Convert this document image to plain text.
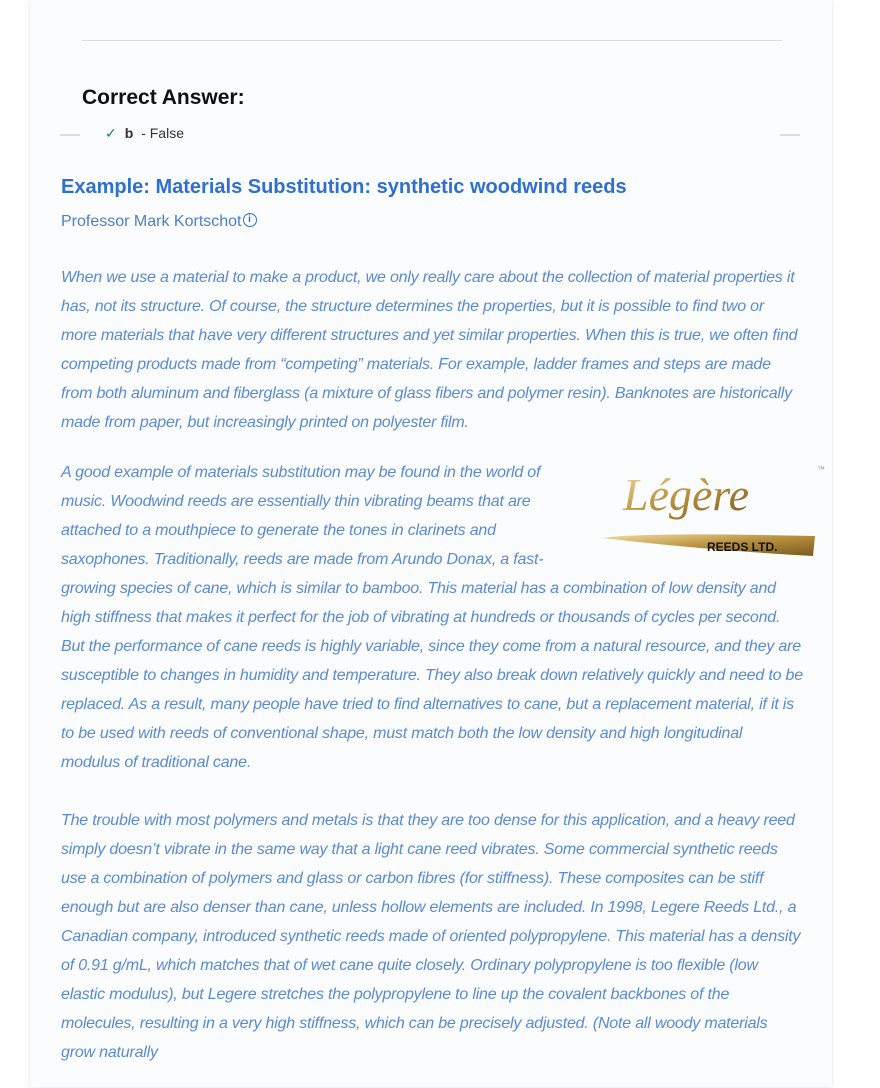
Correct Answer:
✓ b - False
Example: Materials Substitution: synthetic woodwind reeds
Professor Mark Kortschot i

When we use a material to make a product, we only really care about the collection of material properties it has, not its structure. Of course, the structure determines the properties, but it is possible to find two or more materials that have very different structures and yet similar properties. When this is true, we often find competing products made from “competing” materials. For example, ladder frames and steps are made from both aluminum and fiberglass (a mixture of glass fibers and polymer resin). Banknotes are historically made from paper, but increasingly printed on polyester film.

Légère	™
REEDS LTD.

A good example of materials substitution may be found in the world of music. Woodwind reeds are essentially thin vibrating beams that are attached to a mouthpiece to generate the tones in clarinets and saxophones. Traditionally, reeds are made from Arundo Donax, a fast-growing species of cane, which is similar to bamboo. This material has a combination of low density and high stiffness that makes it perfect for the job of vibrating at hundreds or thousands of cycles per second. But the performance of cane reeds is highly variable, since they come from a natural resource, and they are susceptible to changes in humidity and temperature. They also break down relatively quickly and need to be replaced. As a result, many people have tried to find alternatives to cane, but a replacement material, if it is to be used with reeds of conventional shape, must match both the low density and high longitudinal modulus of traditional cane.

The trouble with most polymers and metals is that they are too dense for this application, and a heavy reed simply doesn’t vibrate in the same way that a light cane reed vibrates. Some commercial synthetic reeds use a combination of polymers and glass or carbon fibres (for stiffness). These composites can be stiff enough but are also denser than cane, unless hollow elements are included. In 1998, Legere Reeds Ltd., a Canadian company, introduced synthetic reeds made of oriented polypropylene. This material has a density of 0.91 g/mL, which matches that of wet cane quite closely. Ordinary polypropylene is too flexible (low elastic modulus), but Legere stretches the polypropylene to line up the covalent backbones of the molecules, resulting in a very high stiffness, which can be precisely adjusted. (Note all woody materials grow naturally
